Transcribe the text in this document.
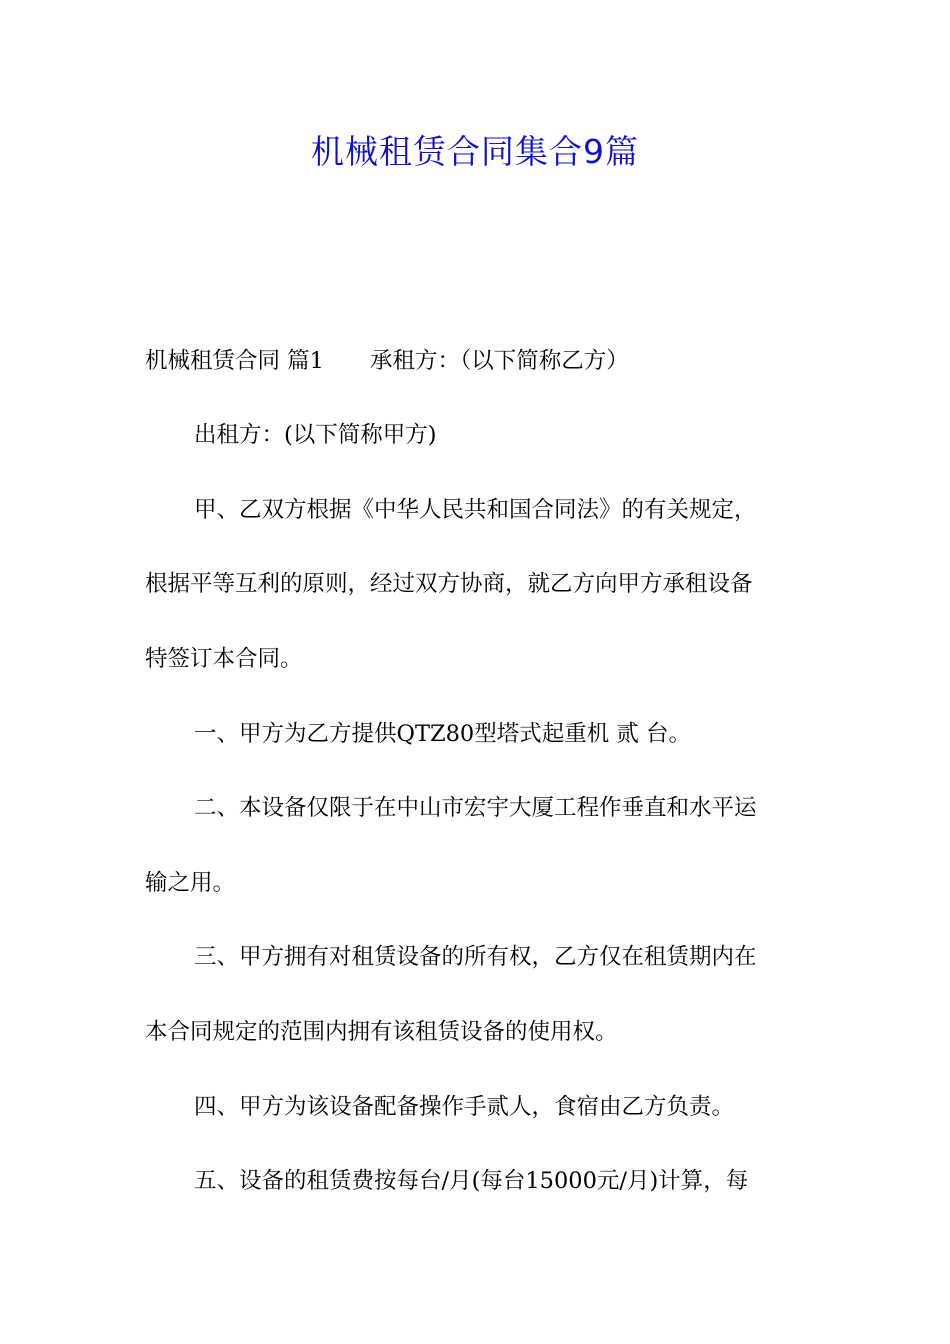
机械租赁合同集合9篇
机械租赁合同 篇1 承租方：（以下简称乙方）
出租方：(以下简称甲方)
甲、乙双方根据《中华人民共和国合同法》的有关规定，
根据平等互利的原则，经过双方协商，就乙方向甲方承租设备
特签订本合同。
一、甲方为乙方提供QTZ80型塔式起重机 贰 台。
二、本设备仅限于在中山市宏宇大厦工程作垂直和水平运
输之用。
三、甲方拥有对租赁设备的所有权，乙方仅在租赁期内在
本合同规定的范围内拥有该租赁设备的使用权。
四、甲方为该设备配备操作手贰人，食宿由乙方负责。
五、设备的租赁费按每台/月(每台15000元/月)计算，每
